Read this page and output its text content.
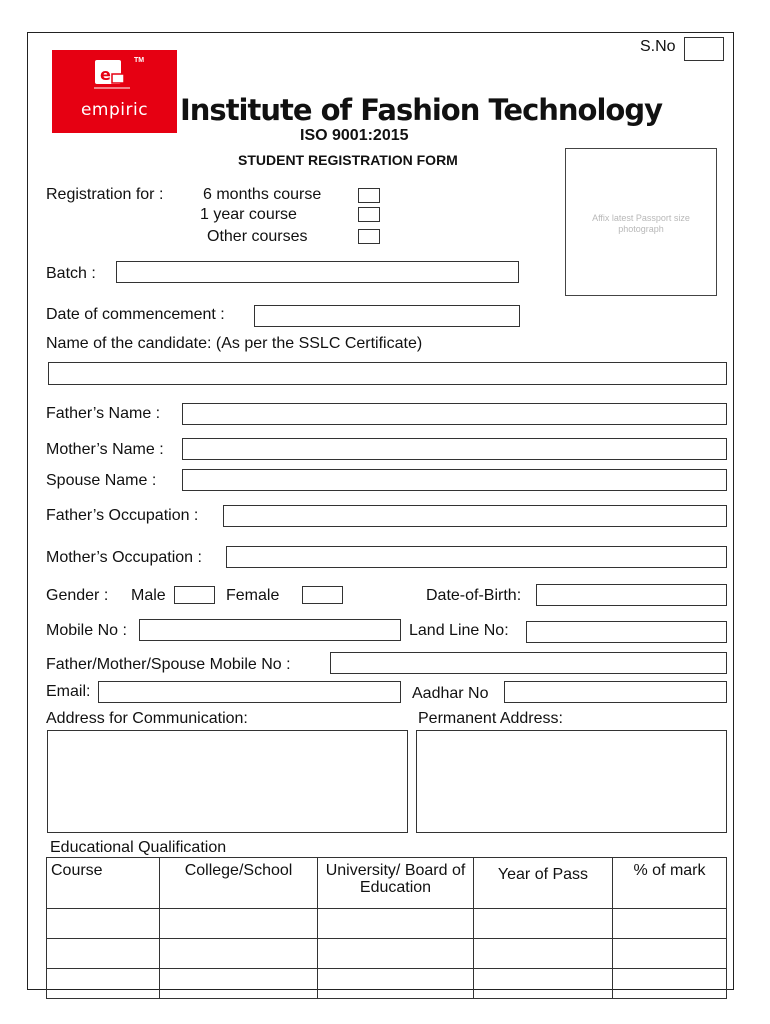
S.No
e
TM
empiric	Institute of Fashion Technology
ISO 9001:2015
STUDENT REGISTRATION FORM
Affix latest Passport size photograph
Registration for : 6 months course
1 year course
Other courses
Batch :
Date of commencement :
Name of the candidate: (As per the SSLC Certificate)
Father’s Name :
Mother’s Name :
Spouse Name :
Father’s Occupation :
Mother’s Occupation :
Gender : Male	Female	Date-of-Birth:
Mobile No :	Land Line No:
Father/Mother/Spouse Mobile No :
Email:	Aadhar No
Address for Communication:	Permanent Address:
Educational Qualification
Course	College/School	University/ Board of Education	Year of Pass	% of mark
